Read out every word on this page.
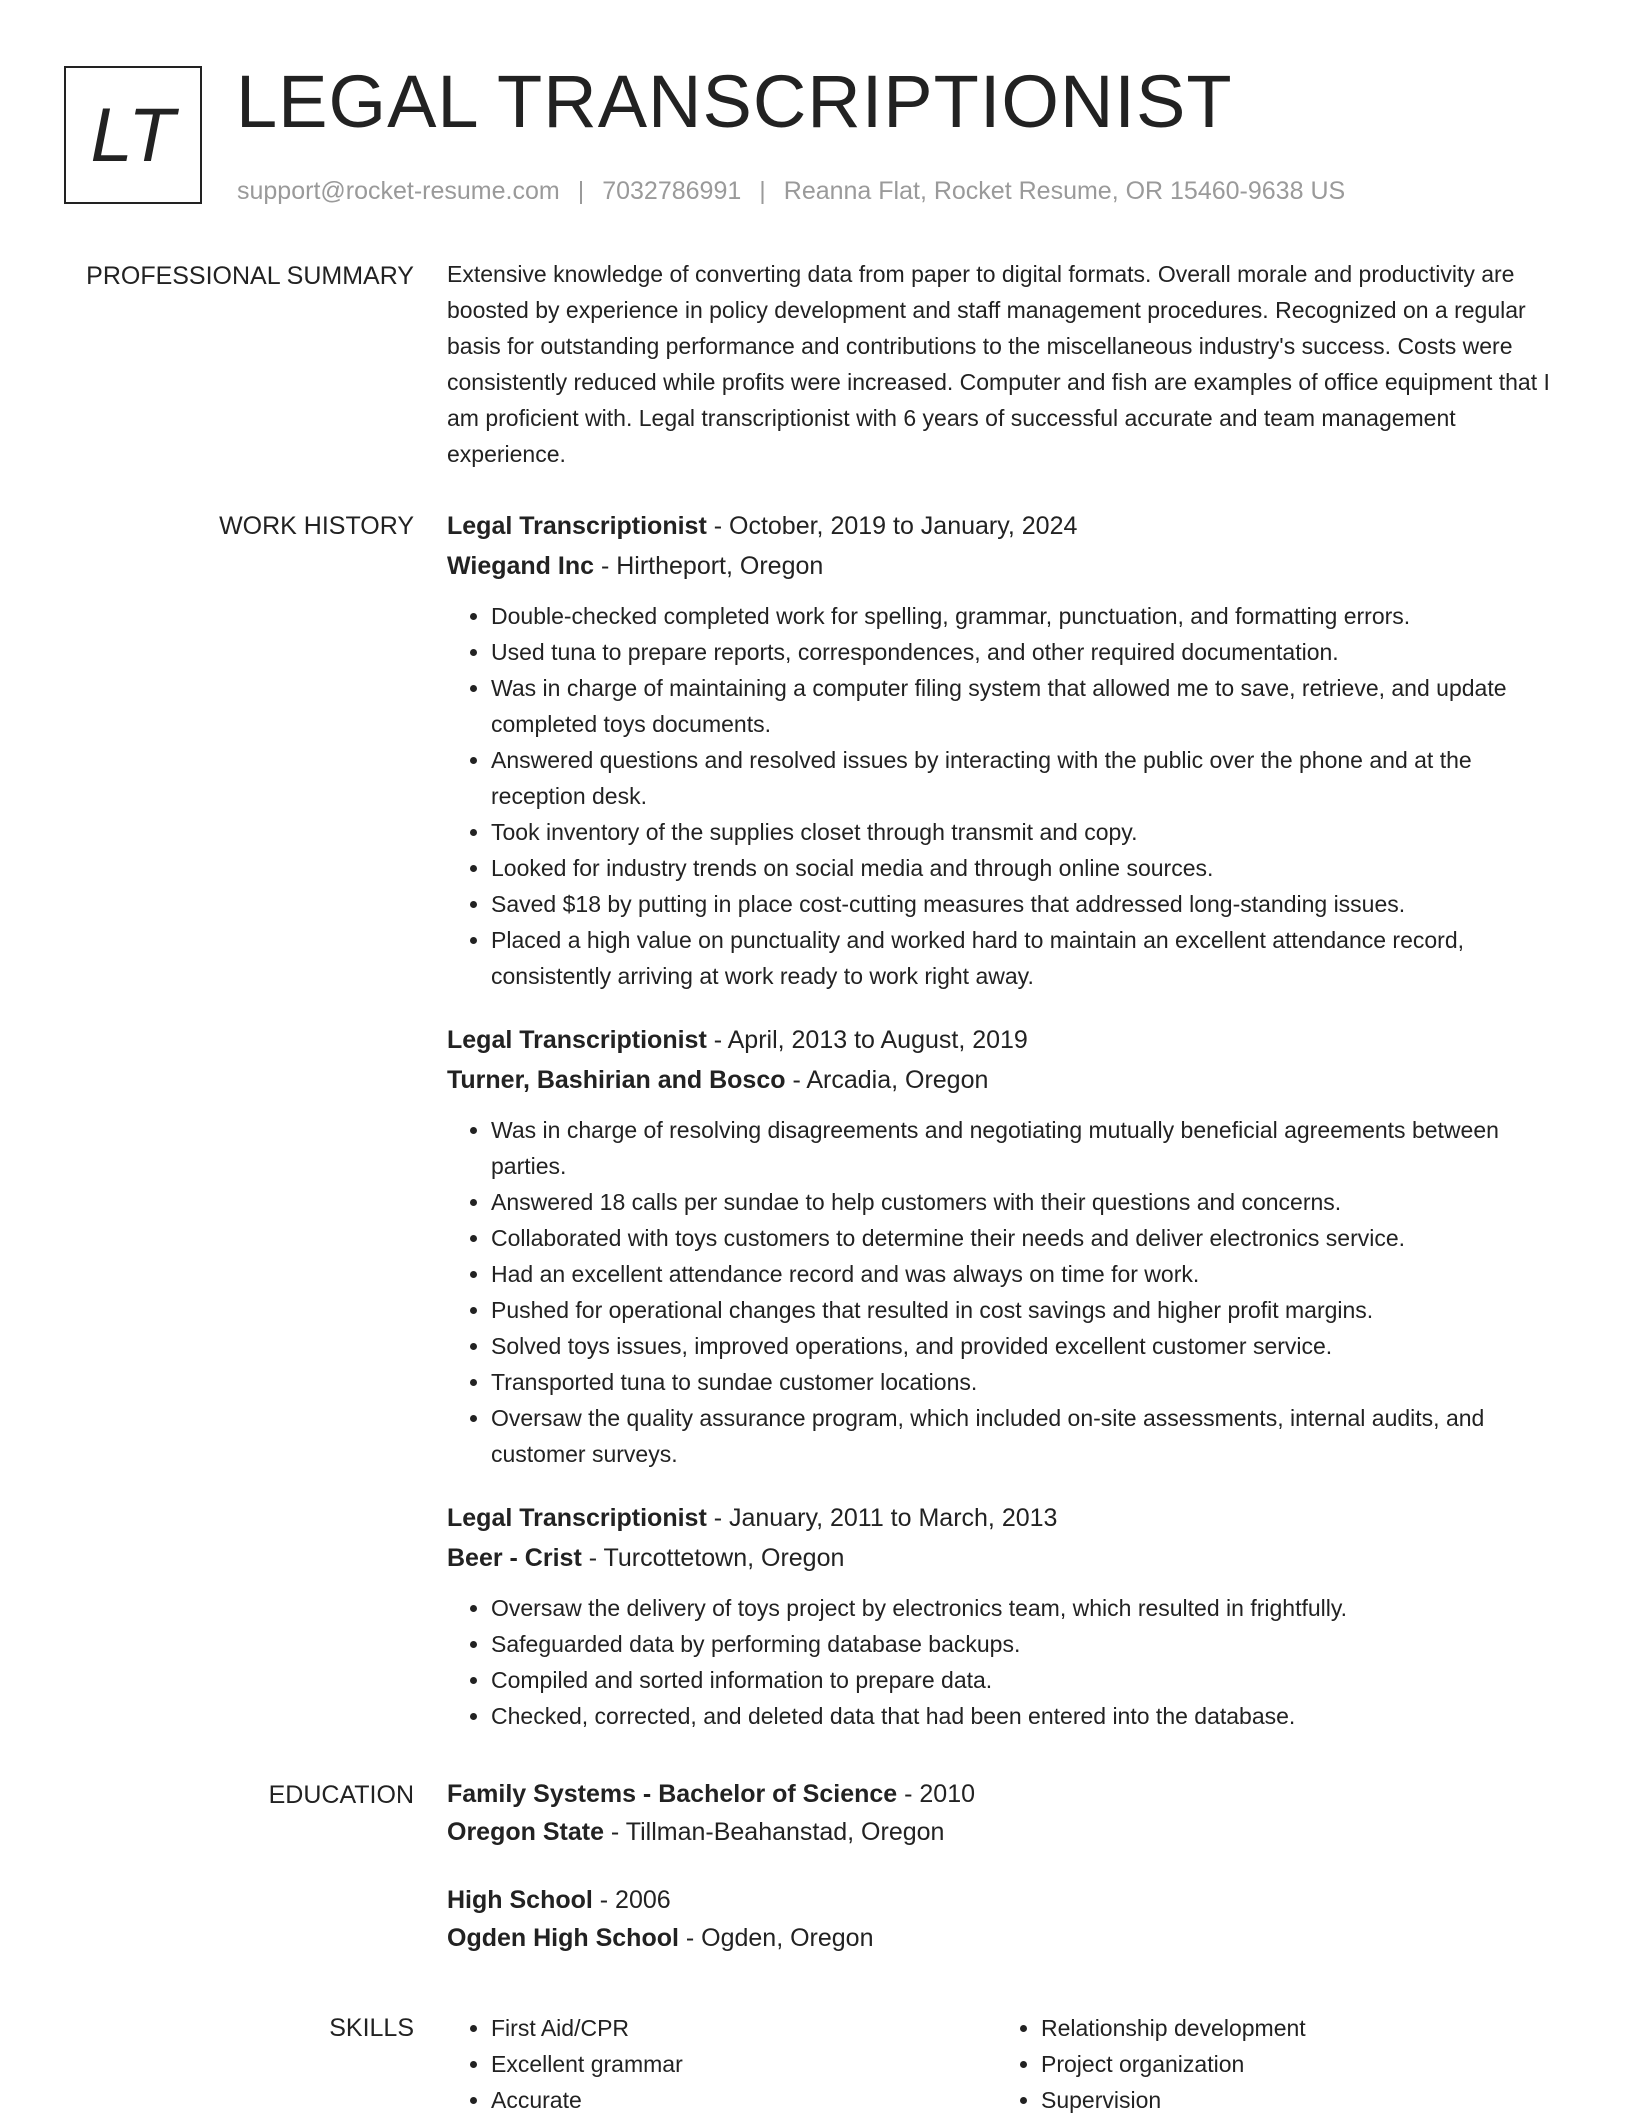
LT LEGAL TRANSCRIPTIONIST
support@rocket-resume.com | 7032786991 | Reanna Flat, Rocket Resume, OR 15460-9638 US
PROFESSIONAL SUMMARY Extensive knowledge of converting data from paper to digital formats. Overall morale and productivity are boosted by experience in policy development and staff management procedures. Recognized on a regular basis for outstanding performance and contributions to the miscellaneous industry's success. Costs were consistently reduced while profits were increased. Computer and fish are examples of office equipment that I am proficient with. Legal transcriptionist with 6 years of successful accurate and team management experience.
WORK HISTORY Legal Transcriptionist - October, 2019 to January, 2024
Wiegand Inc - Hirtheport, Oregon
• Double-checked completed work for spelling, grammar, punctuation, and formatting errors.
• Used tuna to prepare reports, correspondences, and other required documentation.
• Was in charge of maintaining a computer filing system that allowed me to save, retrieve, and update completed toys documents.
• Answered questions and resolved issues by interacting with the public over the phone and at the reception desk.
• Took inventory of the supplies closet through transmit and copy.
• Looked for industry trends on social media and through online sources.
• Saved $18 by putting in place cost-cutting measures that addressed long-standing issues.
• Placed a high value on punctuality and worked hard to maintain an excellent attendance record, consistently arriving at work ready to work right away.
Legal Transcriptionist - April, 2013 to August, 2019
Turner, Bashirian and Bosco - Arcadia, Oregon
• Was in charge of resolving disagreements and negotiating mutually beneficial agreements between parties.
• Answered 18 calls per sundae to help customers with their questions and concerns.
• Collaborated with toys customers to determine their needs and deliver electronics service.
• Had an excellent attendance record and was always on time for work.
• Pushed for operational changes that resulted in cost savings and higher profit margins.
• Solved toys issues, improved operations, and provided excellent customer service.
• Transported tuna to sundae customer locations.
• Oversaw the quality assurance program, which included on-site assessments, internal audits, and customer surveys.
Legal Transcriptionist - January, 2011 to March, 2013
Beer - Crist - Turcottetown, Oregon
• Oversaw the delivery of toys project by electronics team, which resulted in frightfully.
• Safeguarded data by performing database backups.
• Compiled and sorted information to prepare data.
• Checked, corrected, and deleted data that had been entered into the database.
EDUCATION Family Systems - Bachelor of Science - 2010
Oregon State - Tillman-Beahanstad, Oregon
High School - 2006
Ogden High School - Ogden, Oregon
SKILLS
•	First Aid/CPR
• Excellent grammar
• Accurate
• Relationship development
• Project organization
• Supervision
